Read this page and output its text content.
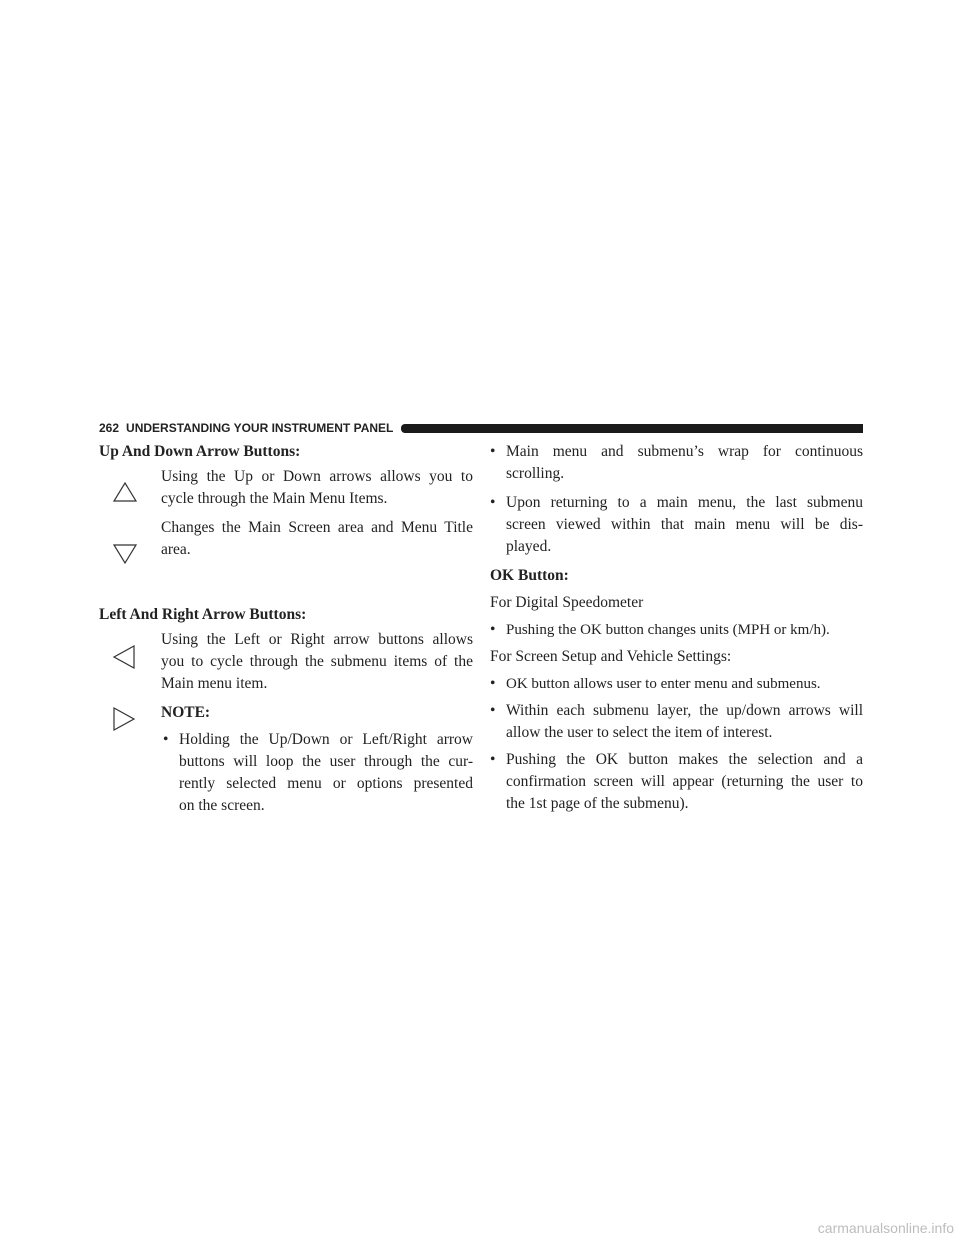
262 UNDERSTANDING YOUR INSTRUMENT PANEL
Up And Down Arrow Buttons:
Using the Up or Down arrows allows you to
cycle through the Main Menu Items.
Changes the Main Screen area and Menu Title
area.
Left And Right Arrow Buttons:
Using the Left or Right arrow buttons allows
you to cycle through the submenu items of the
Main menu item.
NOTE:
• Holding the Up/Down or Left/Right arrow
buttons will loop the user through the cur-
rently selected menu or options presented
on the screen.
• Main menu and submenu’s wrap for continuous
scrolling.
• Upon returning to a main menu, the last submenu
screen viewed within that main menu will be dis-
played.
OK Button:
For Digital Speedometer
• Pushing the OK button changes units (MPH or km/h).
For Screen Setup and Vehicle Settings:
• OK button allows user to enter menu and submenus.
• Within each submenu layer, the up/down arrows will
allow the user to select the item of interest.
• Pushing the OK button makes the selection and a
confirmation screen will appear (returning the user to
the 1st page of the submenu).
carmanualsonline.info
